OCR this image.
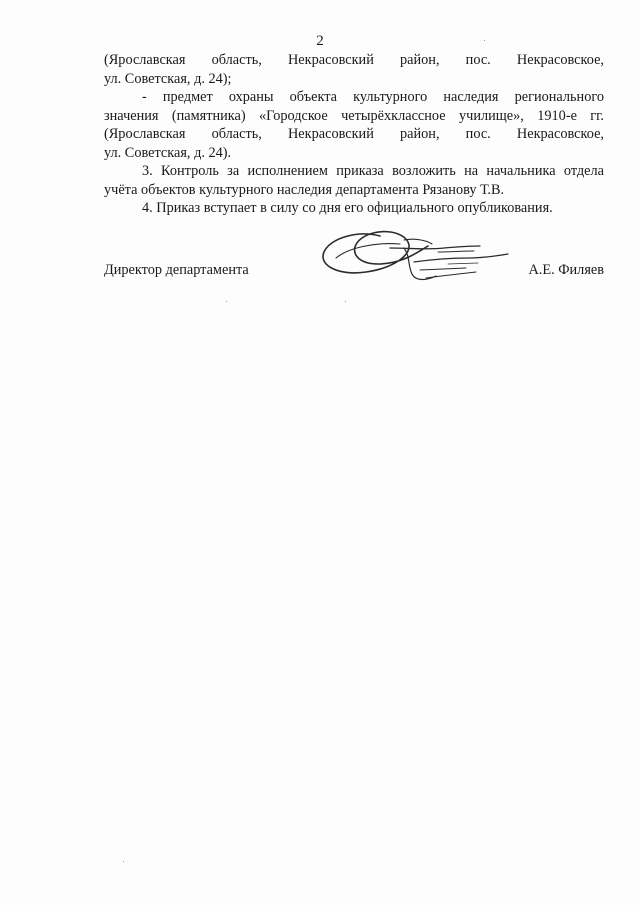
2

(Ярославская область, Некрасовский район, пос. Некрасовское,
ул. Советская, д. 24);

- предмет охраны объекта культурного наследия регионального
значения (памятника) «Городское четырёхклассное училище», 1910-е гг.
(Ярославская область, Некрасовский район, пос. Некрасовское,
ул. Советская, д. 24).

3. Контроль за исполнением приказа возложить на начальника отдела
учёта объектов культурного наследия департамента Рязанову Т.В.

4. Приказ вступает в силу со дня его официального опубликования.

Директор департамента	А.Е. Филяев
